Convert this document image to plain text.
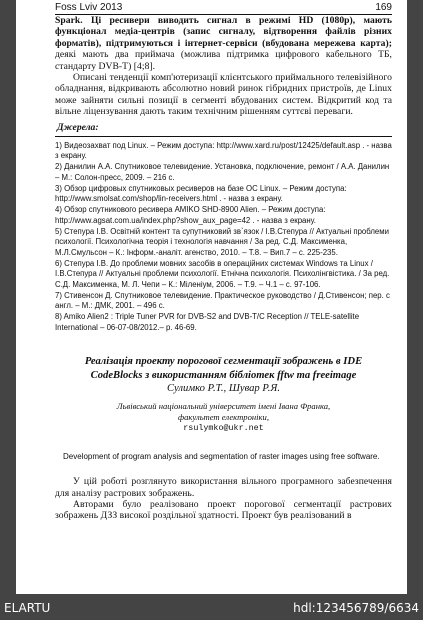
Foss Lviv 2013	169

Spark. Ці ресивери виводить сигнал в режимі HD (1080р), мають функціонал медіа-центрів (запис сигналу, відтворення файлів різних форматів), підтримуються і інтернет-сервіси (вбудована мережева карта); деякі мають два приймача (можлива підтримка цифрового кабельного ТБ, стандарту DVB-T) [4;8].

Описані тенденції комп'ютеризації клієнтського приймального телевізійного обладнання, відкривають абсолютно новий ринок гібридних пристроїв, де Linux може зайняти сильні позиції в сегменті вбудованих систем. Відкритий код та вільне ліцензування дають таким технічним рішенням суттєві переваги.

Джерела:
1) Видеозахват под Linux. – Режим доступа: http://www.xard.ru/post/12425/default.asp . - назва з екрану.
2) Данилин А.А. Спутниковое телевидение. Установка, подключение, ремонт / А.А. Данилин – М.: Солон-пресс, 2009. – 216 с.
3) Обзор цифровых спутниковых ресиверов на базе ОС Linux. – Режим доступа: http://www.smolsat.com/shop/lin-receivers.html . - назва з екрану.
4) Обзор спутникового ресивера AMIKO SHD-8900 Alien. – Режим доступа: http://www.agsat.com.ua/index.php?show_aux_page=42 . - назва з екрану.
5) Степура І.В. Освітній контент та супутниковий зв`язок / І.В.Степура // Актуальні проблеми психології. Психологічна теорія і технологія навчання / За ред. С.Д. Максименка, М.Л.Смульсон – К.: Інформ.-аналіт. агенство, 2010. – Т.8. – Вип.7 – с. 225-235.
6) Степура І.В. До проблеми мовних засобів в операційних системах Windows та Linux / І.В.Степура // Актуальні проблеми психології. Етнічна психологія. Психолінгвістика. / За ред. С.Д. Максименка, М. Л. Чепи – К.: Міленіум, 2006. – Т.9. – Ч.1 – с. 97-106.
7) Стивенсон Д. Спутниковое телевидение. Практическое руководство / Д.Стивенсон; пер. с англ. – М.: ДМК, 2001. – 496 с.
8) Amiko Alien2 : Triple Tuner PVR for DVB-S2 and DVB-T/C Reception // TELE-satellite International – 06-07-08/2012.– р. 46-69.
Реалізація проекту порогової сегментації зображень в IDE
CodeBlocks з використанням бібліотек fftw та freeimage
Сулимко Р.Т., Шувар Р.Я.
Львівський національний університет імені Івана Франка,
факультет електроніки,
rsulymko@ukr.net

Development of program analysis and segmentation of raster images using free software.

У цій роботі розглянуто використання вільного програмного забезпечення для аналізу растрових зображень.

Авторами було реалізовано проект порогової сегментації растрових зображень ДЗЗ високої роздільної здатності. Проект був реалізований в

ELARTU	hdl:123456789/6634
